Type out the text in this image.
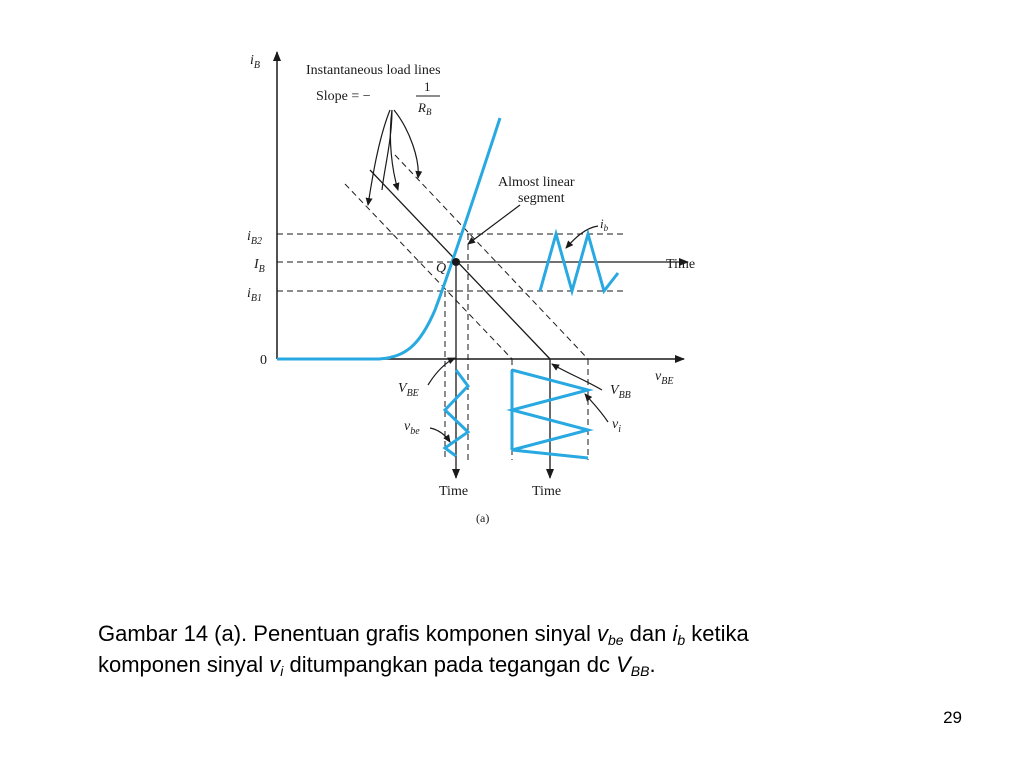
$i_B$
$v_{BE}$
$i_{B2}$
$I_B$
$i_{B1}$
0
Instantaneous load lines
Slope = −
1
$R_B$
Almost linear
segment
Q
$i_b$
Time
Time	Time
$V_{BE}$
$v_{be}$
$V_{BB}$
$v_i$
(a)
Gambar 14 (a). Penentuan grafis komponen sinyal $v_{be}$ dan $i_b$ ketika
komponen sinyal $v_i$ ditumpangkan pada tegangan dc $V_{BB}$.
29
